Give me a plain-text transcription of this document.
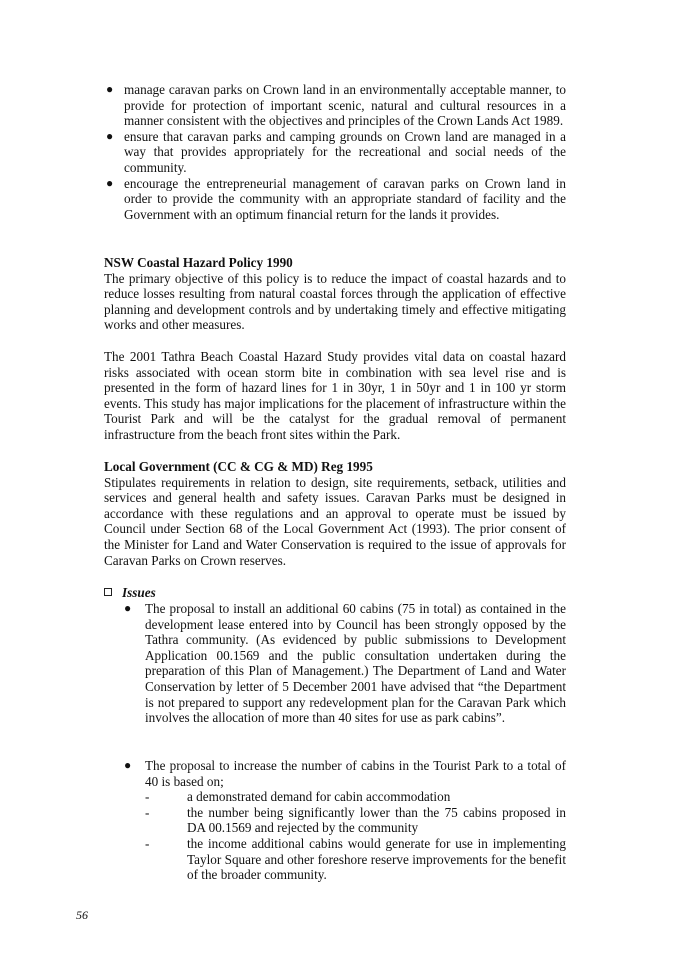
● manage caravan parks on Crown land in an environmentally acceptable manner, to provide for protection of important scenic, natural and cultural resources in a manner consistent with the objectives and principles of the Crown Lands Act 1989.
● ensure that caravan parks and camping grounds on Crown land are managed in a way that provides appropriately for the recreational and social needs of the community.
● encourage the entrepreneurial management of caravan parks on Crown land in order to provide the community with an appropriate standard of facility and the Government with an optimum financial return for the lands it provides.

NSW Coastal Hazard Policy 1990

The primary objective of this policy is to reduce the impact of coastal hazards and to reduce losses resulting from natural coastal forces through the application of effective planning and development controls and by undertaking timely and effective mitigating works and other measures.

The 2001 Tathra Beach Coastal Hazard Study provides vital data on coastal hazard risks associated with ocean storm bite in combination with sea level rise and is presented in the form of hazard lines for 1 in 30yr, 1 in 50yr and 1 in 100 yr storm events. This study has major implications for the placement of infrastructure within the Tourist Park and will be the catalyst for the gradual removal of permanent infrastructure from the beach front sites within the Park.

Local Government (CC & CG & MD) Reg 1995

Stipulates requirements in relation to design, site requirements, setback, utilities and services and general health and safety issues. Caravan Parks must be designed in accordance with these regulations and an approval to operate must be issued by Council under Section 68 of the Local Government Act (1993). The prior consent of the Minister for Land and Water Conservation is required to the issue of approvals for Caravan Parks on Crown reserves.

Issues
● The proposal to install an additional 60 cabins (75 in total) as contained in the development lease entered into by Council has been strongly opposed by the Tathra community. (As evidenced by public submissions to Development Application 00.1569 and the public consultation undertaken during the preparation of this Plan of Management.) The Department of Land and Water Conservation by letter of 5 December 2001 have advised that “the Department is not prepared to support any redevelopment plan for the Caravan Park which involves the allocation of more than 40 sites for use as park cabins”.
● The proposal to increase the number of cabins in the Tourist Park to a total of 40 is based on;
-	a demonstrated demand for cabin accommodation
-	the number being significantly lower than the 75 cabins proposed in DA 00.1569 and rejected by the community
-	the income additional cabins would generate for use in implementing Taylor Square and other foreshore reserve improvements for the benefit of the broader community.
56
